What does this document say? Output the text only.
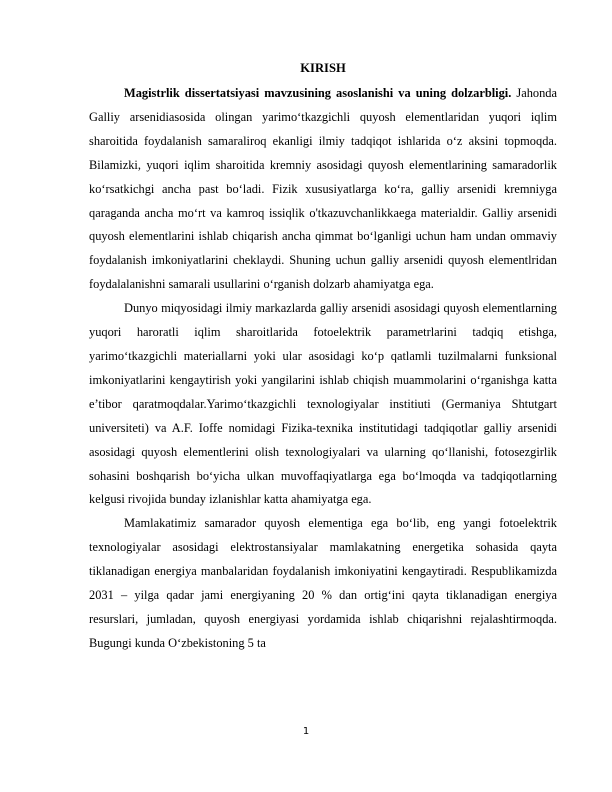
KIRISH

Magistrlik dissertatsiyasi mavzusining asoslanishi va uning dolzarbligi. Jahonda Galliy arsenidiasosida olingan yarimo‘tkazgichli quyosh elementlaridan yuqori iqlim sharoitida foydalanish samaraliroq ekanligi ilmiy tadqiqot ishlarida o‘z aksini topmoqda. Bilamizki, yuqori iqlim sharoitida kremniy asosidagi quyosh elementlarining samaradorlik ko‘rsatkichgi ancha past bo‘ladi. Fizik xususiyatlarga ko‘ra, galliy arsenidi kremniyga qaraganda ancha mo‘rt va kamroq issiqlik o'tkazuvchanlikkaega materialdir. Galliy arsenidi quyosh elementlarini ishlab chiqarish ancha qimmat bo‘lganligi uchun ham undan ommaviy foydalanish imkoniyatlarini cheklaydi. Shuning uchun galliy arsenidi quyosh elementlridan foydalalanishni samarali usullarini o‘rganish dolzarb ahamiyatga ega.

Dunyo miqyosidagi ilmiy markazlarda galliy arsenidi asosidagi quyosh elementlarning yuqori haroratli iqlim sharoitlarida fotoelektrik parametrlarini tadqiq etishga, yarimo‘tkazgichli materiallarni yoki ular asosidagi ko‘p qatlamli tuzilmalarni funksional imkoniyatlarini kengaytirish yoki yangilarini ishlab chiqish muammolarini o‘rganishga katta e’tibor qaratmoqdalar.Yarimo‘tkazgichli texnologiyalar institiuti (Germaniya Shtutgart universiteti) va A.F. Ioffe nomidagi Fizika-texnika institutidagi tadqiqotlar galliy arsenidi asosidagi quyosh elementlerini olish texnologiyalari va ularning qo‘llanishi, fotosezgirlik sohasini boshqarish bo‘yicha ulkan muvoffaqiyatlarga ega bo‘lmoqda va tadqiqotlarning kelgusi rivojida bunday izlanishlar katta ahamiyatga ega.

Mamlakatimiz samarador quyosh elementiga ega bo‘lib, eng yangi fotoelektrik texnologiyalar asosidagi elektrostansiyalar mamlakatning energetika sohasida qayta tiklanadigan energiya manbalaridan foydalanish imkoniyatini kengaytiradi. Respublikamizda 2031 – yilga qadar jami energiyaning 20 % dan ortig‘ini qayta tiklanadigan energiya resurslari, jumladan, quyosh energiyasi yordamida ishlab chiqarishni rejalashtirmoqda. Bugungi kunda O‘zbekistoning 5 ta

1
